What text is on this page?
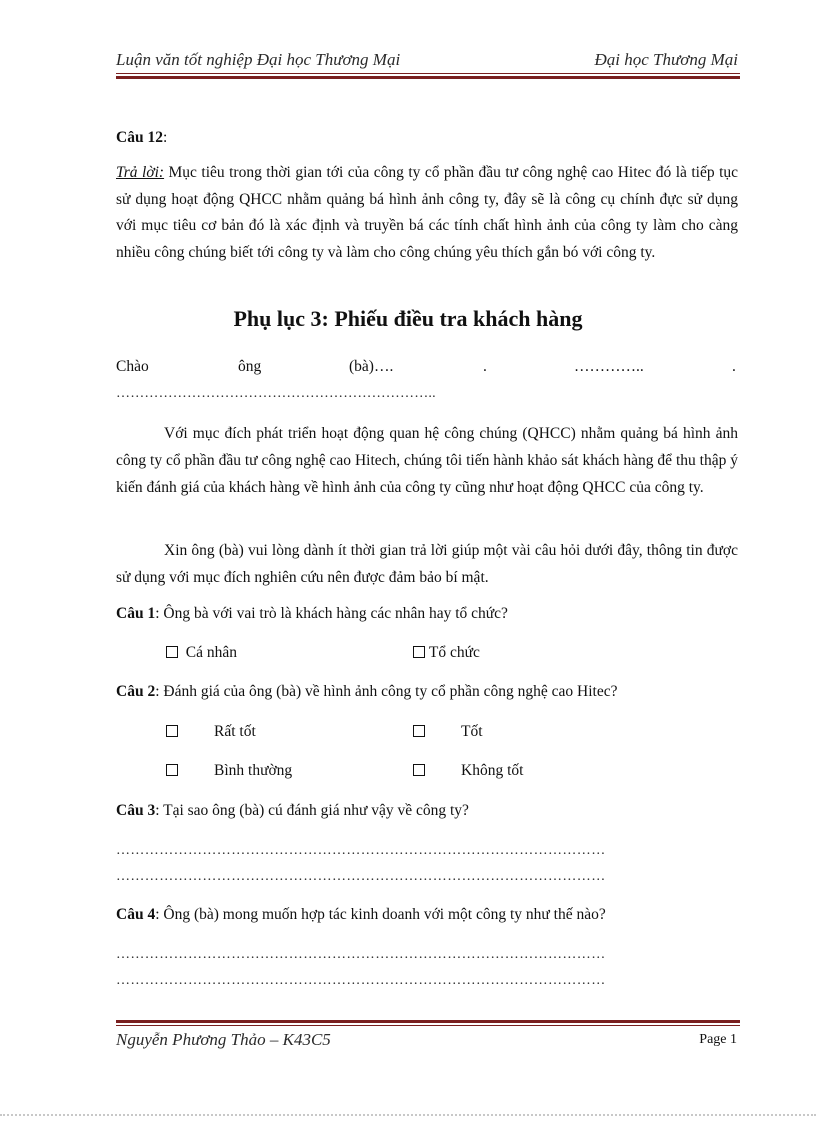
Luận văn tốt nghiệp Đại học Thương Mại	Đại học Thương Mại
Câu 12:
Trả lời: Mục tiêu trong thời gian tới của công ty cổ phần đầu tư công nghệ cao Hitec đó là tiếp tục sử dụng hoạt động QHCC nhằm quảng bá hình ảnh công ty, đây sẽ là công cụ chính đực sử dụng với mục tiêu cơ bản đó là xác định và truyền bá các tính chất hình ảnh của công ty làm cho càng nhiều công chúng biết tới công ty và làm cho công chúng yêu thích gắn bó với công ty.
Phụ lục 3: Phiếu điều tra khách hàng
Chào	ông	(bà)….	.	…………..	.
…………………………………………………………..
Với mục đích phát triển hoạt động quan hệ công chúng (QHCC) nhằm quảng bá hình ảnh công ty cổ phần đầu tư công nghệ cao Hitech, chúng tôi tiến hành khảo sát khách hàng để thu thập ý kiến đánh giá của khách hàng về hình ảnh của công ty cũng như hoạt động QHCC của công ty.
Xin ông (bà) vui lòng dành ít thời gian trả lời giúp một vài câu hỏi dưới đây, thông tin được sử dụng với mục đích nghiên cứu nên được đảm bảo bí mật.
Câu 1: Ông bà với vai trò là khách hàng các nhân hay tổ chức?
Cá nhân	Tổ chức
Câu 2: Đánh giá của ông (bà) về hình ảnh công ty cổ phần công nghệ cao Hitec?
Rất tốt	Tốt
Bình thường	Không tốt
Câu 3: Tại sao ông (bà) cú đánh giá như vậy về công ty?
…………………………………………………………………………………………
…………………………………………………………………………………………
Câu 4: Ông (bà) mong muốn hợp tác kinh doanh với một công ty như thế nào?
…………………………………………………………………………………………
…………………………………………………………………………………………
Nguyễn Phương Thảo – K43C5	Page 1
